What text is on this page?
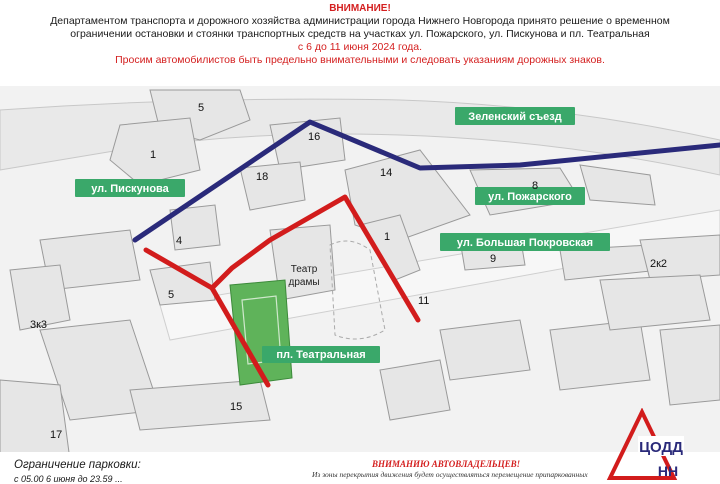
ВНИМАНИЕ!
Департаментом транспорта и дорожного хозяйства администрации города Нижнего Новгорода принято решение о временном
ограничении остановки и стоянки транспортных средств на участках ул. Пожарского, ул. Пискунова и пл. Театральная
с 6 до 11 июня 2024 года.
Просим автомобилистов быть предельно внимательными и следовать указаниям дорожных знаков.
Зеленский съезд
ул. Пискунова
ул. Пожарского
ул. Большая Покровская
пл. Театральная
Театр
драмы
5
16
1
18	14
8
4	1
9	2к2
5	11
3к3
15
17
Ограничение парковки:
с 05.00 6 июня до 23.59 ...
ВНИМАНИЮ АВТОВЛАДЕЛЬЦЕВ!
Из зоны перекрытия движения будет осуществляться перемещение припаркованных
ЦОДД
НН
